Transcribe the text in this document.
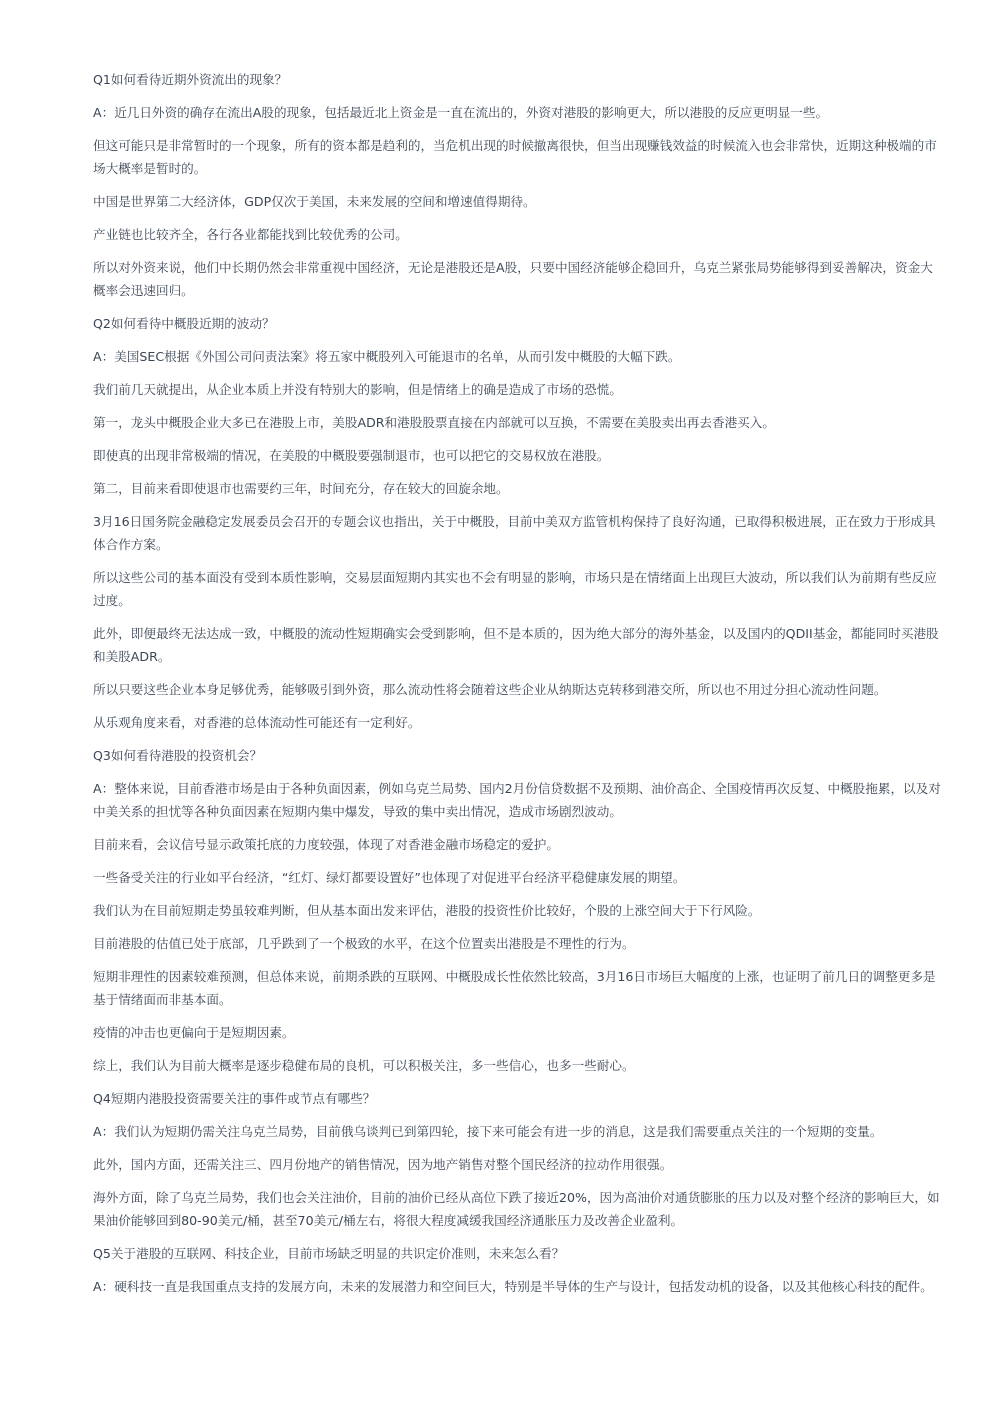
Q1如何看待近期外资流出的现象？

A：近几日外资的确存在流出A股的现象，包括最近北上资金是一直在流出的，外资对港股的影响更大，所以港股的反应更明显一些。

但这可能只是非常暂时的一个现象，所有的资本都是趋利的，当危机出现的时候撤离很快，但当出现赚钱效益的时候流入也会非常快，近期这种极端的市场大概率是暂时的。

中国是世界第二大经济体，GDP仅次于美国，未来发展的空间和增速值得期待。

产业链也比较齐全，各行各业都能找到比较优秀的公司。

所以对外资来说，他们中长期仍然会非常重视中国经济，无论是港股还是A股，只要中国经济能够企稳回升，乌克兰紧张局势能够得到妥善解决，资金大概率会迅速回归。

Q2如何看待中概股近期的波动？

A：美国SEC根据《外国公司问责法案》将五家中概股列入可能退市的名单，从而引发中概股的大幅下跌。

我们前几天就提出，从企业本质上并没有特别大的影响，但是情绪上的确是造成了市场的恐慌。

第一，龙头中概股企业大多已在港股上市，美股ADR和港股股票直接在内部就可以互换，不需要在美股卖出再去香港买入。

即使真的出现非常极端的情况，在美股的中概股要强制退市，也可以把它的交易权放在港股。

第二，目前来看即使退市也需要约三年，时间充分，存在较大的回旋余地。

3月16日国务院金融稳定发展委员会召开的专题会议也指出，关于中概股，目前中美双方监管机构保持了良好沟通，已取得积极进展，正在致力于形成具体合作方案。

所以这些公司的基本面没有受到本质性影响，交易层面短期内其实也不会有明显的影响，市场只是在情绪面上出现巨大波动，所以我们认为前期有些反应过度。

此外，即便最终无法达成一致，中概股的流动性短期确实会受到影响，但不是本质的，因为绝大部分的海外基金，以及国内的QDII基金，都能同时买港股和美股ADR。

所以只要这些企业本身足够优秀，能够吸引到外资，那么流动性将会随着这些企业从纳斯达克转移到港交所，所以也不用过分担心流动性问题。

从乐观角度来看，对香港的总体流动性可能还有一定利好。

Q3如何看待港股的投资机会？

A：整体来说，目前香港市场是由于各种负面因素，例如乌克兰局势、国内2月份信贷数据不及预期、油价高企、全国疫情再次反复、中概股拖累，以及对中美关系的担忧等各种负面因素在短期内集中爆发，导致的集中卖出情况，造成市场剧烈波动。

目前来看，会议信号显示政策托底的力度较强，体现了对香港金融市场稳定的爱护。

一些备受关注的行业如平台经济，“红灯、绿灯都要设置好”也体现了对促进平台经济平稳健康发展的期望。

我们认为在目前短期走势虽较难判断，但从基本面出发来评估，港股的投资性价比较好，个股的上涨空间大于下行风险。

目前港股的估值已处于底部，几乎跌到了一个极致的水平，在这个位置卖出港股是不理性的行为。

短期非理性的因素较难预测，但总体来说，前期杀跌的互联网、中概股成长性依然比较高，3月16日市场巨大幅度的上涨，也证明了前几日的调整更多是基于情绪面而非基本面。

疫情的冲击也更偏向于是短期因素。

综上，我们认为目前大概率是逐步稳健布局的良机，可以积极关注，多一些信心，也多一些耐心。

Q4短期内港股投资需要关注的事件或节点有哪些？

A：我们认为短期仍需关注乌克兰局势，目前俄乌谈判已到第四轮，接下来可能会有进一步的消息，这是我们需要重点关注的一个短期的变量。

此外，国内方面，还需关注三、四月份地产的销售情况，因为地产销售对整个国民经济的拉动作用很强。

海外方面，除了乌克兰局势，我们也会关注油价，目前的油价已经从高位下跌了接近20%，因为高油价对通货膨胀的压力以及对整个经济的影响巨大，如果油价能够回到80-90美元/桶，甚至70美元/桶左右，将很大程度减缓我国经济通胀压力及改善企业盈利。

Q5关于港股的互联网、科技企业，目前市场缺乏明显的共识定价准则，未来怎么看？

A：硬科技一直是我国重点支持的发展方向，未来的发展潜力和空间巨大，特别是半导体的生产与设计，包括发动机的设备，以及其他核心科技的配件。
